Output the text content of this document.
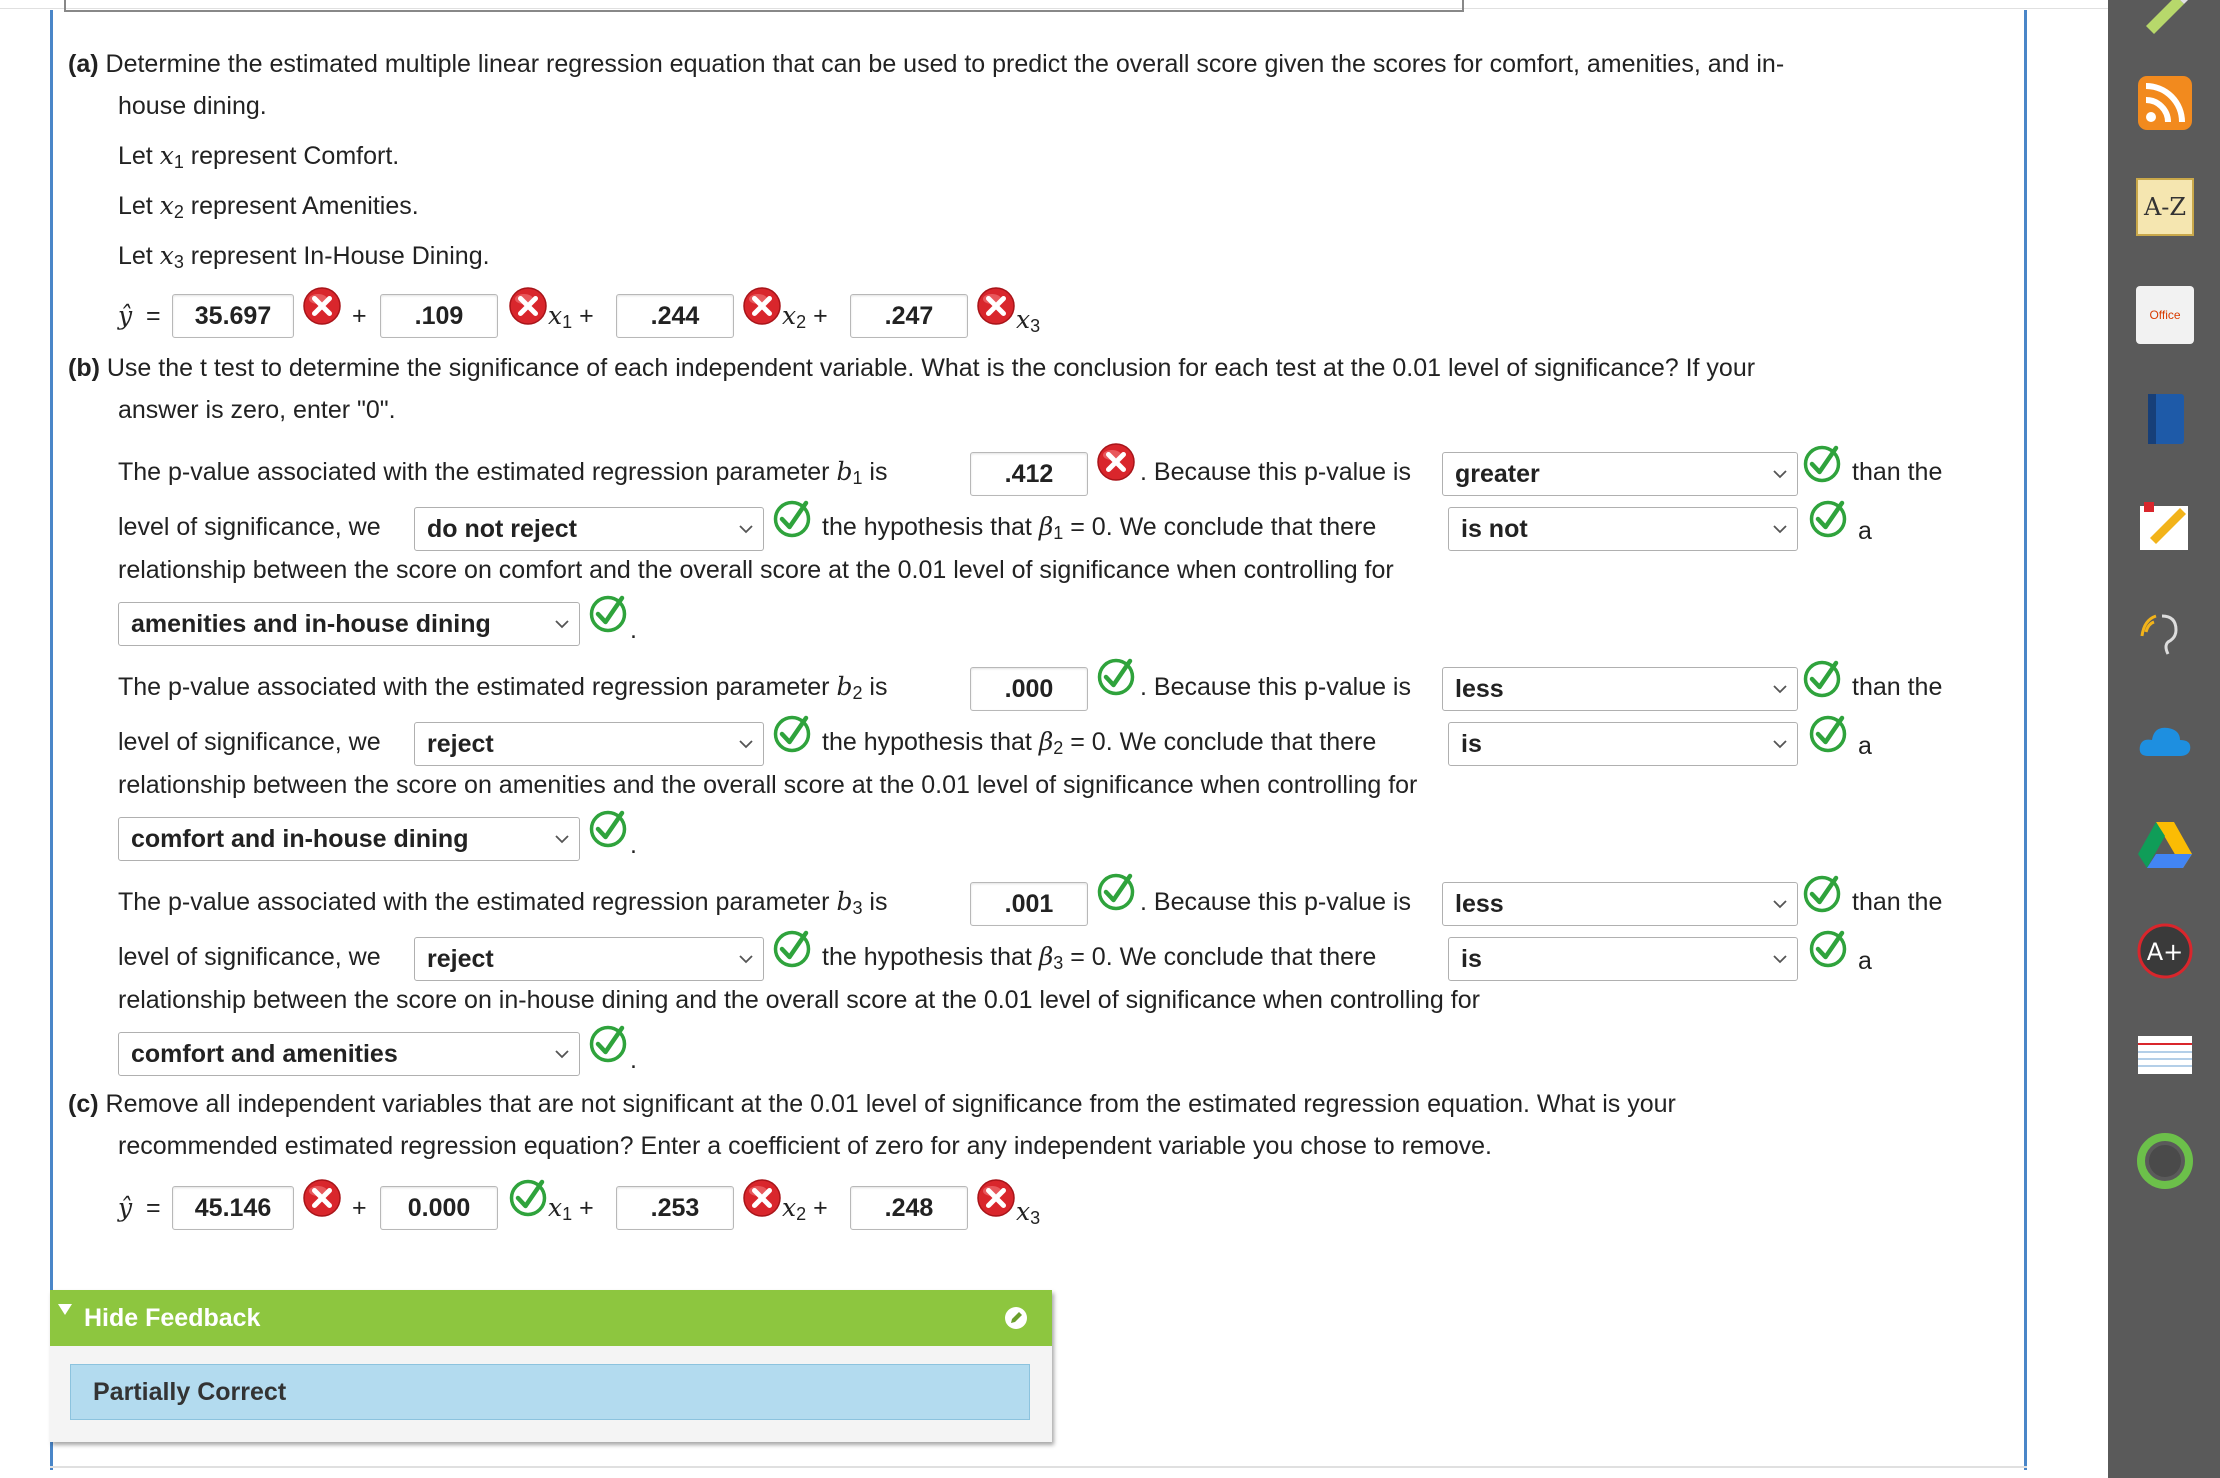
(a) Determine the estimated multiple linear regression equation that can be used to predict the overall score given the scores for comfort, amenities, and in-
house dining.
Let $x_1$ represent Comfort.
Let $x_2$ represent Amenities.
Let $x_3$ represent In-House Dining.
ŷ =	35.697	+	.109	$x_1$ +	.244	$x_2$ +	.247	$x_3$
(b) Use the t test to determine the significance of each independent variable. What is the conclusion for each test at the 0.01 level of significance? If your
answer is zero, enter "0".
The p-value associated with the estimated regression parameter $b_1$ is	.412	. Because this p-value is	greater	than the
level of significance, we	do not reject	the hypothesis that $\beta_1 = 0$. We conclude that there	is not	a
relationship between the score on comfort and the overall score at the 0.01 level of significance when controlling for
amenities and in-house dining	.
The p-value associated with the estimated regression parameter $b_2$ is	.000	. Because this p-value is	less	than the
level of significance, we	reject	the hypothesis that $\beta_2 = 0$. We conclude that there	is	a
relationship between the score on amenities and the overall score at the 0.01 level of significance when controlling for
comfort and in-house dining	.
The p-value associated with the estimated regression parameter $b_3$ is	.001	. Because this p-value is	less	than the
level of significance, we	reject	the hypothesis that $\beta_3 = 0$. We conclude that there	is	a
relationship between the score on in-house dining and the overall score at the 0.01 level of significance when controlling for
comfort and amenities	.
(c) Remove all independent variables that are not significant at the 0.01 level of significance from the estimated regression equation. What is your
recommended estimated regression equation? Enter a coefficient of zero for any independent variable you chose to remove.
ŷ =	45.146	+	0.000	$x_1$ +	.253	$x_2$ +	.248	$x_3$
Hide Feedback
Partially Correct
A-Z
Office
A+
